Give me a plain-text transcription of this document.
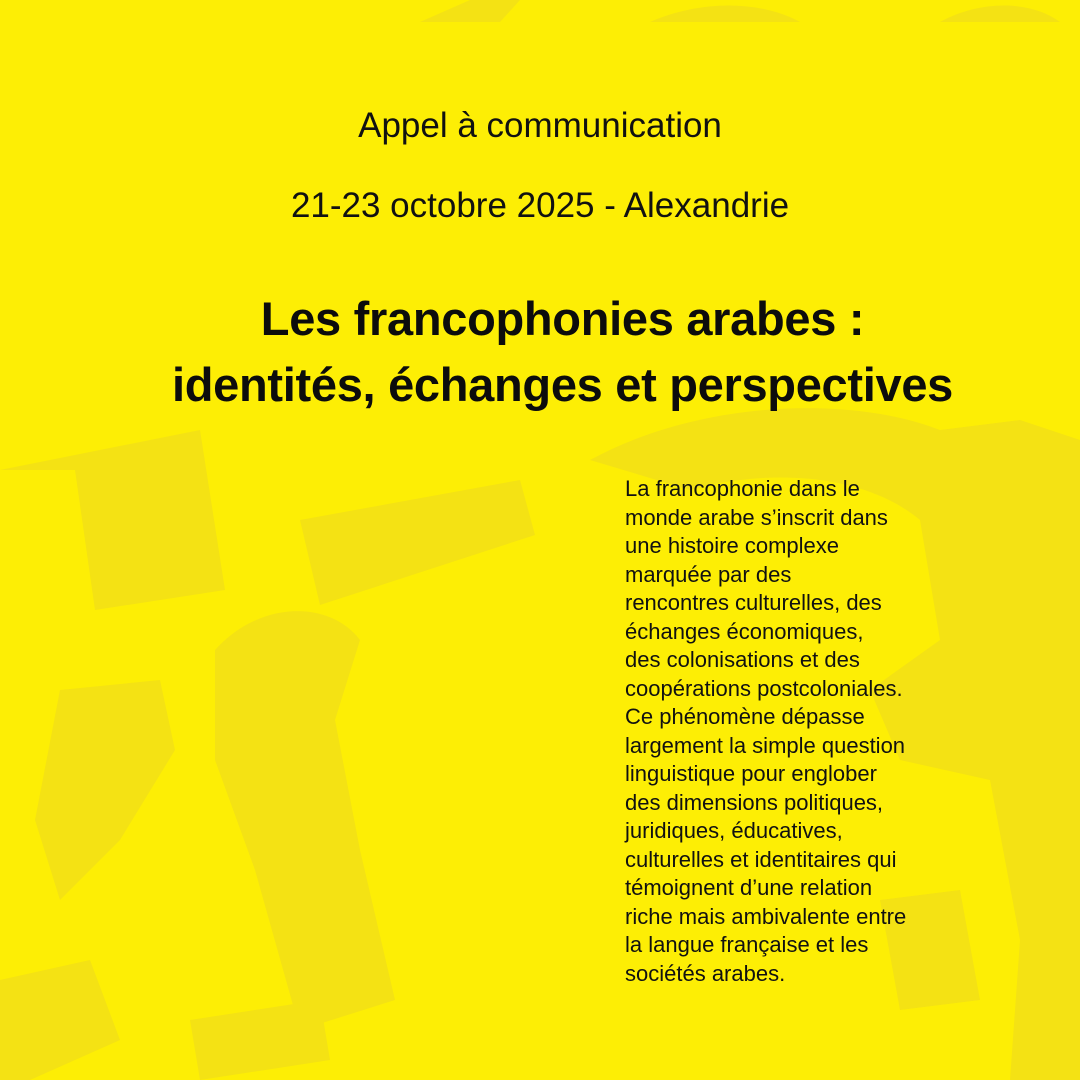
Appel à communication
21-23 octobre 2025 - Alexandrie
Les francophonies arabes :
identités, échanges et perspectives
La francophonie dans le
monde arabe s’inscrit dans
une histoire complexe
marquée par des
rencontres culturelles, des
échanges économiques,
des colonisations et des
coopérations postcoloniales.
Ce phénomène dépasse
largement la simple question
linguistique pour englober
des dimensions politiques,
juridiques, éducatives,
culturelles et identitaires qui
témoignent d’une relation
riche mais ambivalente entre
la langue française et les
sociétés arabes.
